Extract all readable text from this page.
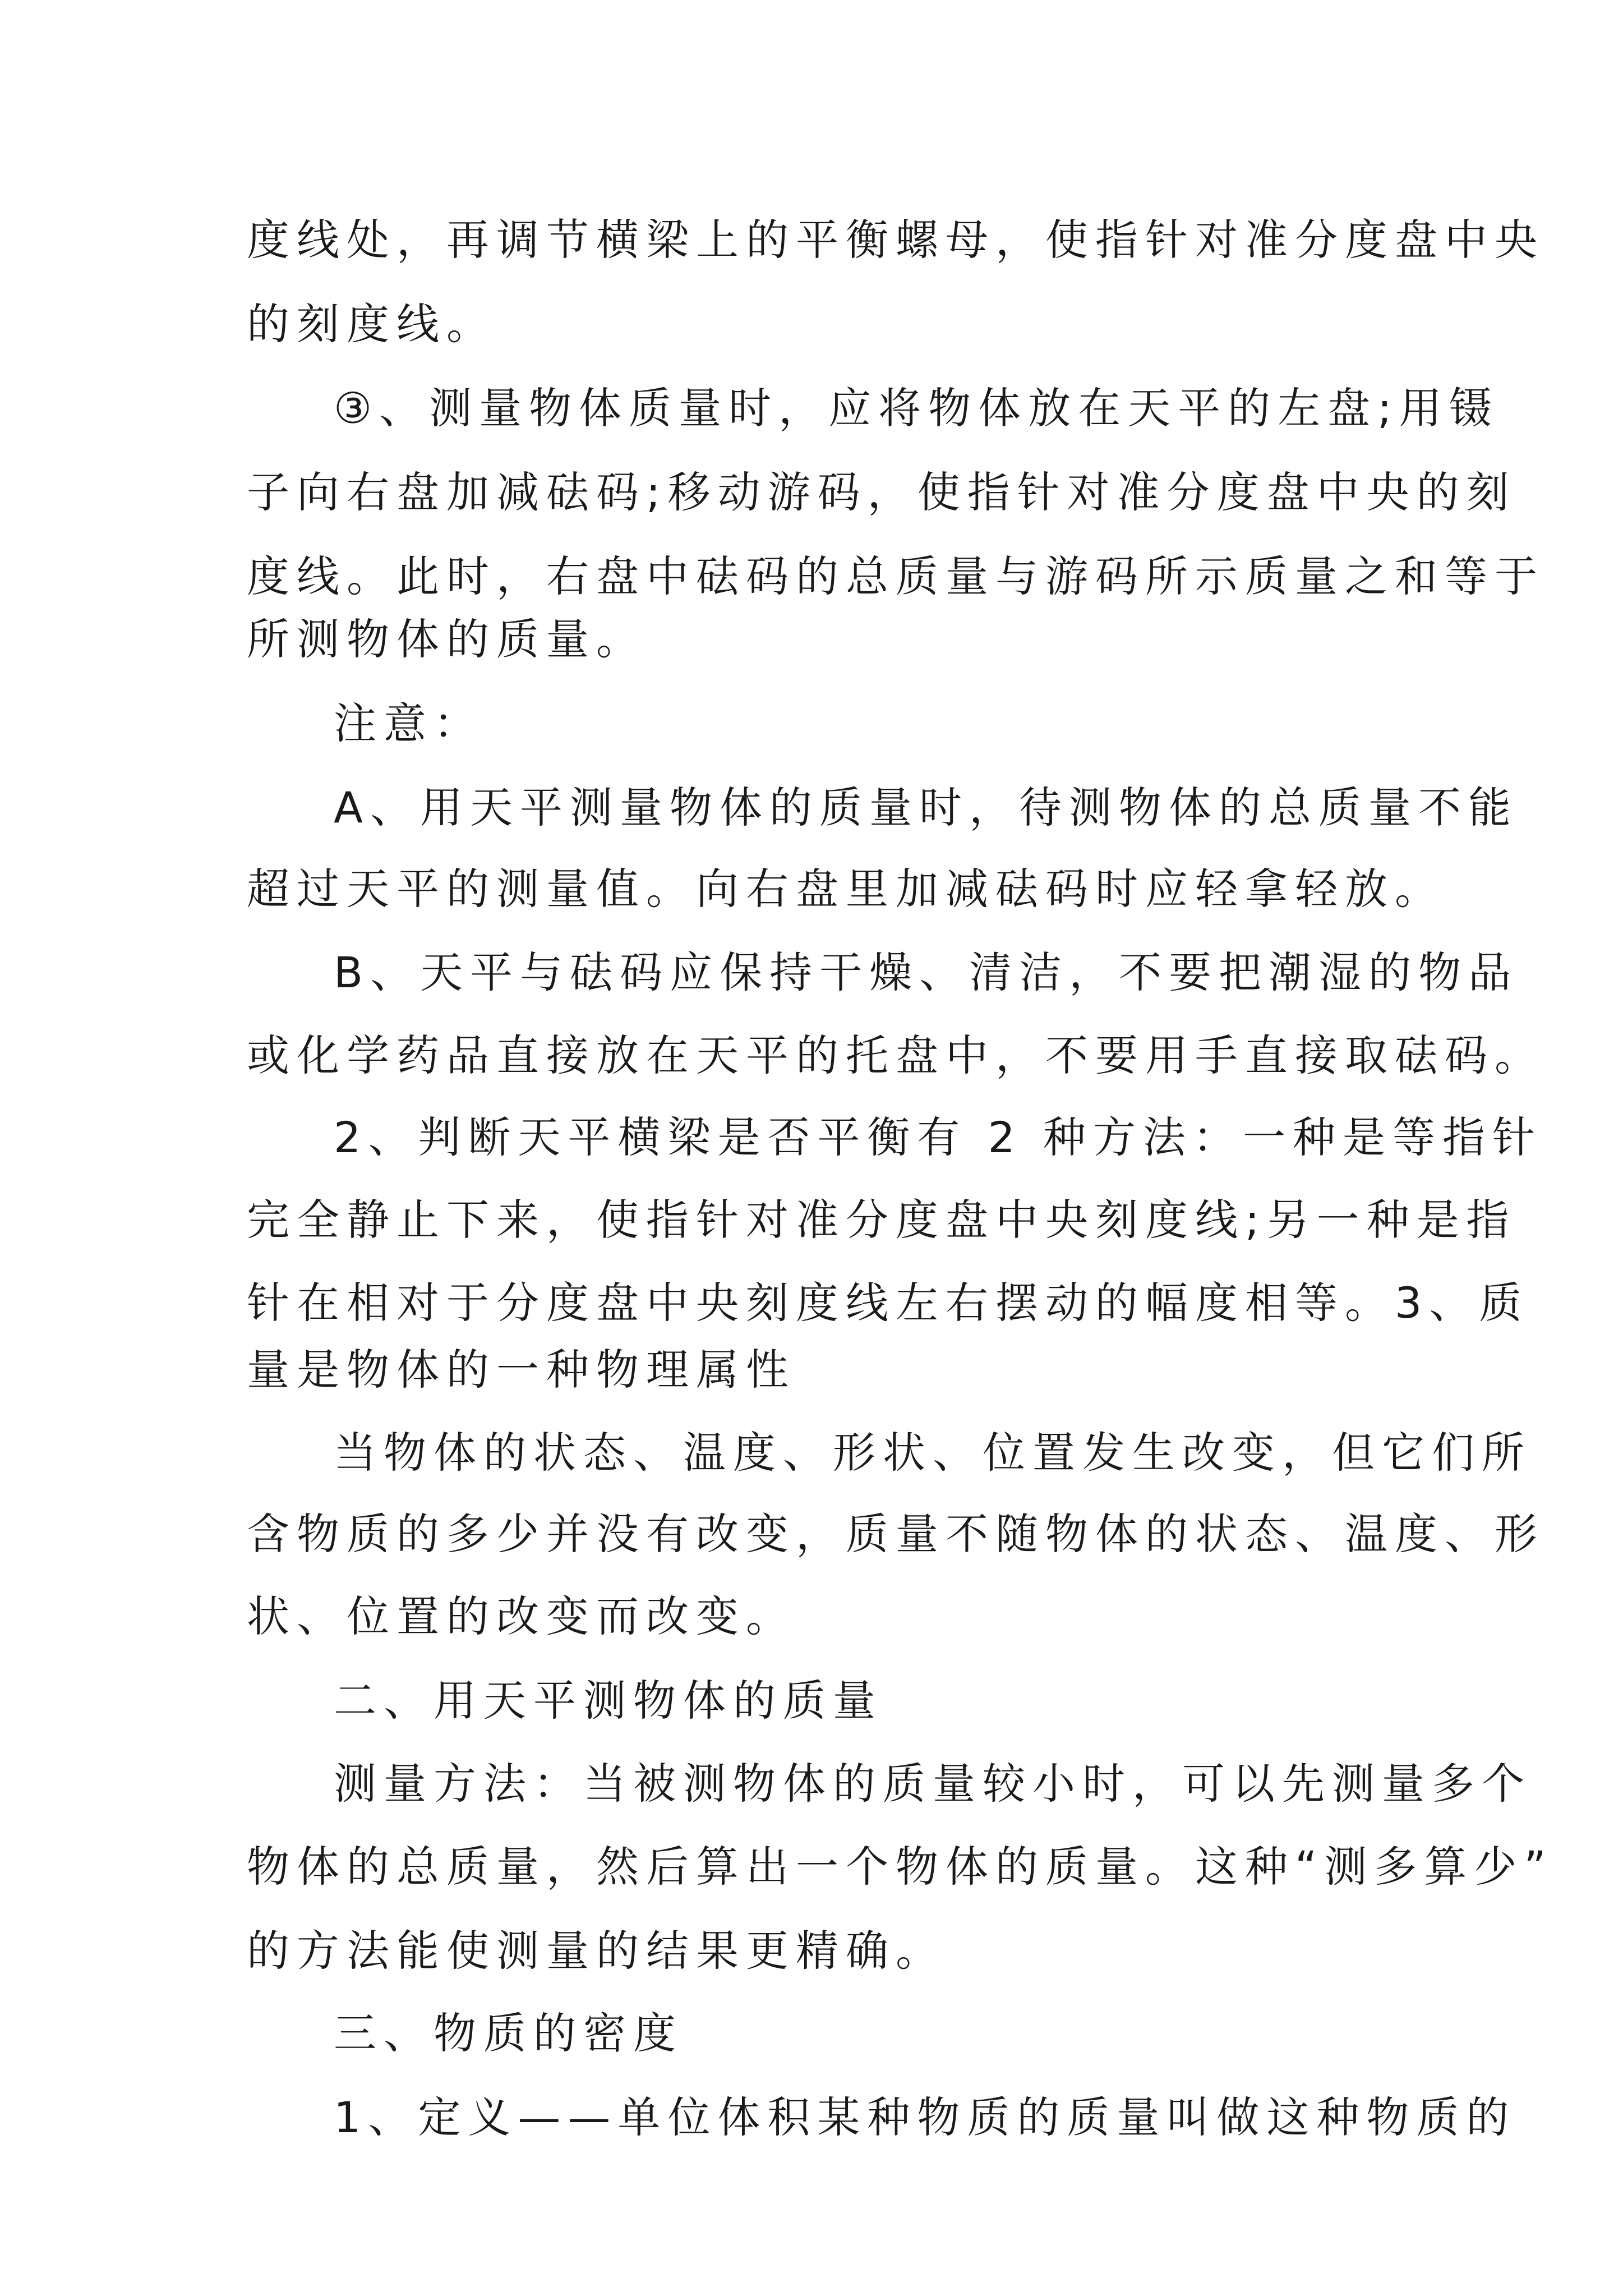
度线处，再调节横梁上的平衡螺母，使指针对准分度盘中央
的刻度线。
③、测量物体质量时，应将物体放在天平的左盘;用镊
子向右盘加减砝码;移动游码，使指针对准分度盘中央的刻
度线。此时，右盘中砝码的总质量与游码所示质量之和等于
所测物体的质量。
注意：
A、用天平测量物体的质量时，待测物体的总质量不能
超过天平的测量值。向右盘里加减砝码时应轻拿轻放。
B、天平与砝码应保持干燥、清洁，不要把潮湿的物品
或化学药品直接放在天平的托盘中，不要用手直接取砝码。
2、判断天平横梁是否平衡有 2 种方法：一种是等指针
完全静止下来，使指针对准分度盘中央刻度线;另一种是指
针在相对于分度盘中央刻度线左右摆动的幅度相等。3、质
量是物体的一种物理属性
当物体的状态、温度、形状、位置发生改变，但它们所
含物质的多少并没有改变，质量不随物体的状态、温度、形
状、位置的改变而改变。
二、用天平测物体的质量
测量方法：当被测物体的质量较小时，可以先测量多个
物体的总质量，然后算出一个物体的质量。这种“测多算少”
的方法能使测量的结果更精确。
三、物质的密度
1、定义——单位体积某种物质的质量叫做这种物质的
